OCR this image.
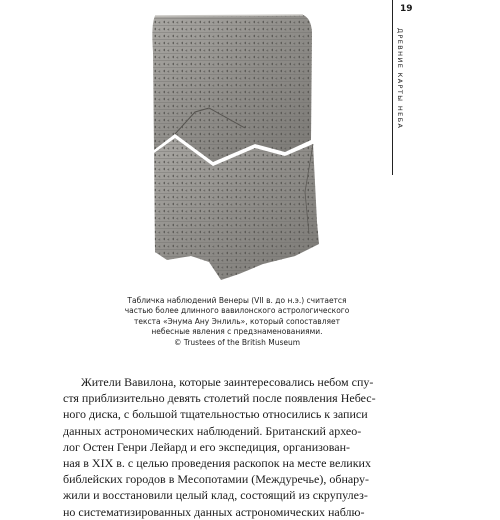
19
ДРЕВНИЕ КАРТЫ НЕБА
Табличка наблюдений Венеры (VII в. до н.э.) считается
частью более длинного вавилонского астрологического
текста «Энума Ану Энлиль», который сопоставляет
небесные явления с предзнаменованиями.
© Trustees of the British Museum
Жители Вавилона, которые заинтересовались небом спу-
стя приблизительно девять столетий после появления Небес-
ного диска, с большой тщательностью относились к записи
данных астрономических наблюдений. Британский архео-
лог Остен Генри Лейард и его экспедиция, организован-
ная в XIX в. с целью проведения раскопок на месте великих
библейских городов в Месопотамии (Междуречье), обнару-
жили и восстановили целый клад, состоящий из скрупулез-
но систематизированных данных астрономических наблю-
